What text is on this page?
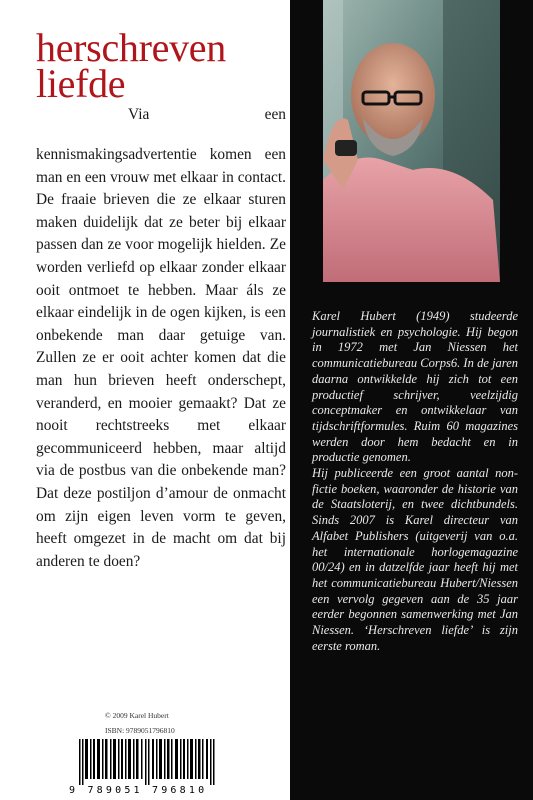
herschreven liefde

Via een kennismakingsadvertentie komen een man en een vrouw met elkaar in contact. De fraaie brieven die ze elkaar sturen maken duidelijk dat ze beter bij elkaar passen dan ze voor mogelijk hielden. Ze worden verliefd op elkaar zonder elkaar ooit ontmoet te hebben. Maar áls ze elkaar eindelijk in de ogen kijken, is een onbekende man daar getuige van. Zullen ze er ooit achter komen dat die man hun brieven heeft onderschept, veranderd, en mooier gemaakt? Dat ze nooit rechtstreeks met elkaar gecommuniceerd hebben, maar altijd via de postbus van die onbekende man? Dat deze postiljon d’amour de onmacht om zijn eigen leven vorm te geven, heeft omgezet in de macht om dat bij anderen te doen?

© 2009 Karel Hubert

ISBN: 9789051796810

9 789051 796810

Karel Hubert (1949) studeerde journalistiek en psychologie. Hij begon in 1972 met Jan Niessen het communicatiebureau Corps6. In de jaren daarna ontwikkelde hij zich tot een productief schrijver, veelzijdig conceptmaker en ontwikkelaar van tijdschriftformules. Ruim 60 magazines werden door hem bedacht en in productie genomen.

Hij publiceerde een groot aantal non-fictie boeken, waaronder de historie van de Staatsloterij, en twee dichtbundels. Sinds 2007 is Karel directeur van Alfabet Publishers (uitgeverij van o.a. het internationale horlogemagazine 00/24) en in datzelfde jaar heeft hij met het communicatiebureau Hubert/Niessen een vervolg gegeven aan de 35 jaar eerder begonnen samenwerking met Jan Niessen. ‘Herschreven liefde’ is zijn eerste roman.
